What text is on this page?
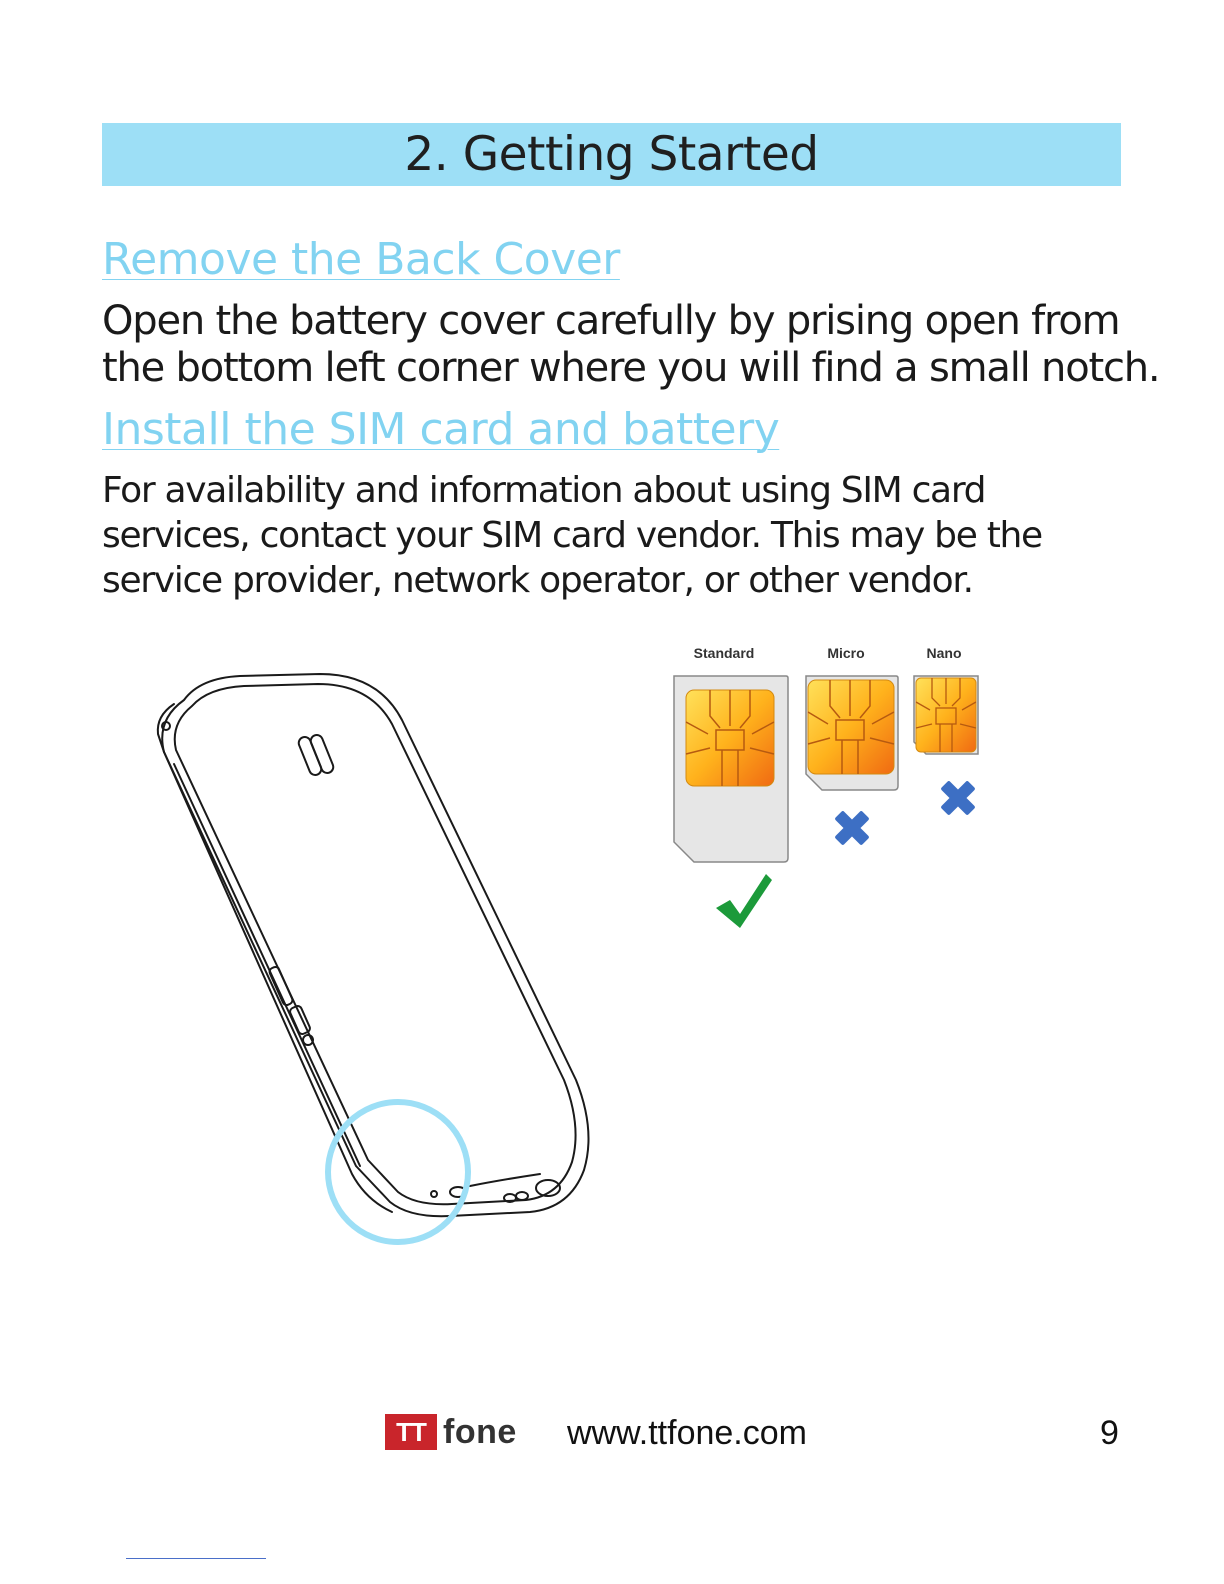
2. Getting Started
Remove the Back Cover

Open the battery cover carefully by prising open from
the bottom left corner where you will find a small notch.

Install the SIM card and battery

For availability and information about using SIM card
services, contact your SIM card vendor. This may be the
service provider, network operator, or other vendor.

Standard	Micro	Nano
TT fone www.ttfone.com	9
